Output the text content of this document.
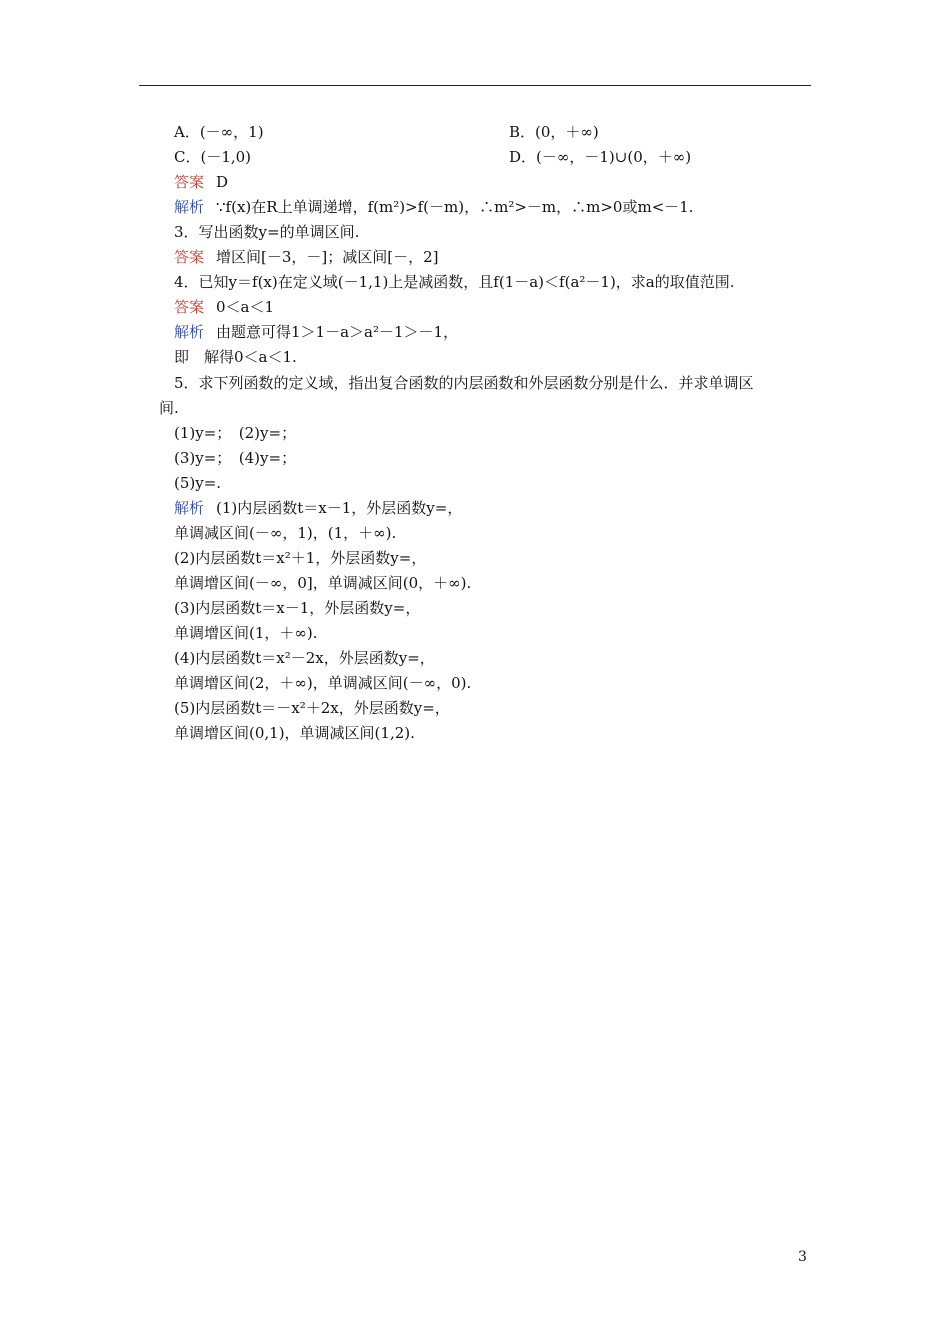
A．(－∞，1)	B．(0，＋∞)
C．(－1,0)	D．(－∞，－1)∪(0，＋∞)
答案 D
解析 ∵f(x)在R上单调递增，f(m²)>f(－m)，∴m²>－m，∴m>0或m<－1.
3．写出函数y=的单调区间.
答案 增区间[－3，－]；减区间[－，2]
4．已知y＝f(x)在定义域(－1,1)上是减函数，且f(1－a)＜f(a²－1)，求a的取值范围.
答案 0＜a＜1
解析 由题意可得1＞1－a＞a²－1＞－1，
即　解得0＜a＜1.
5．求下列函数的定义域，指出复合函数的内层函数和外层函数分别是什么．并求单调区
间.
(1)y=；　(2)y=；
(3)y=；　(4)y=；
(5)y=.
解析 (1)内层函数t＝x－1，外层函数y=，
单调减区间(－∞，1)，(1，＋∞).
(2)内层函数t＝x²＋1，外层函数y=，
单调增区间(－∞，0]，单调减区间(0，＋∞).
(3)内层函数t＝x－1，外层函数y=，
单调增区间(1，＋∞).
(4)内层函数t＝x²－2x，外层函数y=，
单调增区间(2，＋∞)，单调减区间(－∞，0).
(5)内层函数t＝－x²＋2x，外层函数y=，
单调增区间(0,1)，单调减区间(1,2).
3
